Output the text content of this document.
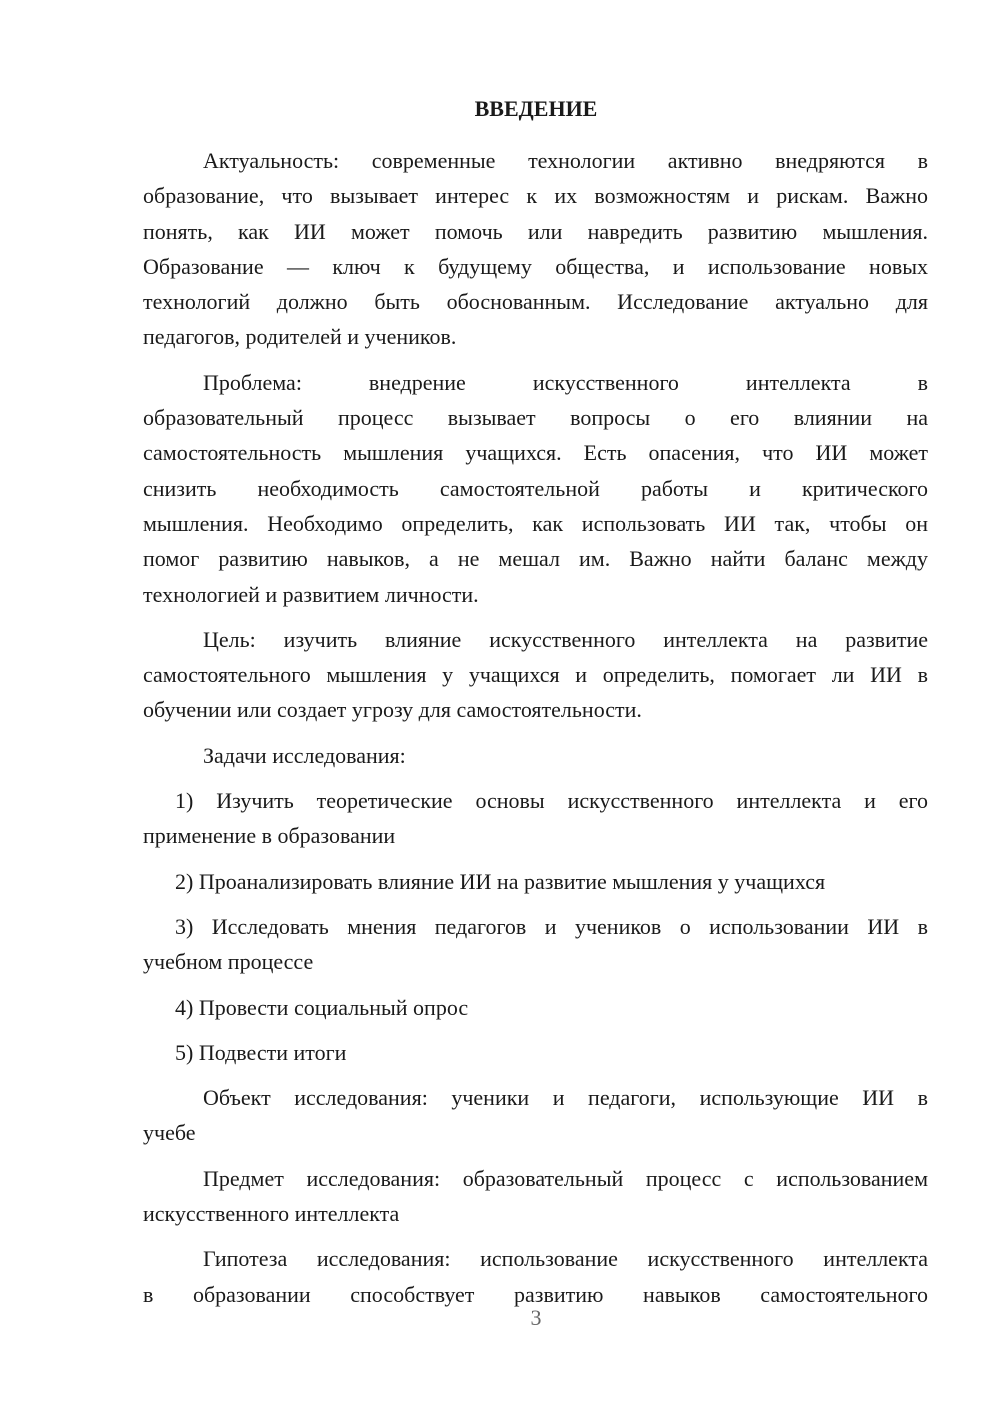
ВВЕДЕНИЕ
Актуальность: современные технологии активно внедряются в
образование, что вызывает интерес к их возможностям и рискам. Важно
понять, как ИИ может помочь или навредить развитию мышления.
Образование — ключ к будущему общества, и использование новых
технологий должно быть обоснованным. Исследование актуально для
педагогов, родителей и учеников.
Проблема: внедрение искусственного интеллекта в
образовательный процесс вызывает вопросы о его влиянии на
самостоятельность мышления учащихся. Есть опасения, что ИИ может
снизить необходимость самостоятельной работы и критического
мышления. Необходимо определить, как использовать ИИ так, чтобы он
помог развитию навыков, а не мешал им. Важно найти баланс между
технологией и развитием личности.
Цель: изучить влияние искусственного интеллекта на развитие
самостоятельного мышления у учащихся и определить, помогает ли ИИ в
обучении или создает угрозу для самостоятельности.
Задачи исследования:
1) Изучить теоретические основы искусственного интеллекта и его
применение в образовании
2) Проанализировать влияние ИИ на развитие мышления у учащихся
3) Исследовать мнения педагогов и учеников о использовании ИИ в
учебном процессе
4) Провести социальный опрос
5) Подвести итоги
Объект исследования: ученики и педагоги, использующие ИИ в
учебе
Предмет исследования: образовательный процесс с использованием
искусственного интеллекта
Гипотеза исследования: использование искусственного интеллекта
в образовании способствует развитию навыков самостоятельного
3
